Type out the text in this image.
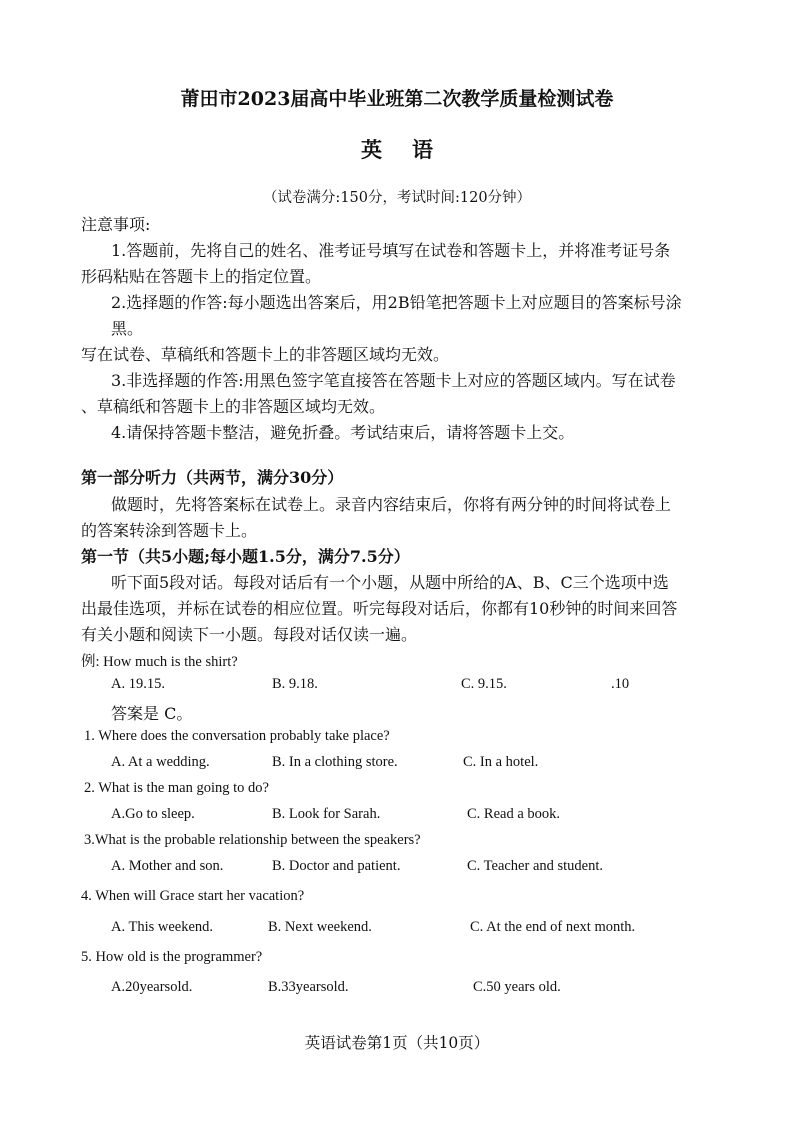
莆田市2023届高中毕业班第二次教学质量检测试卷
英语
（试卷满分:150分，考试时间:120分钟）
注意事项:
1.答题前，先将自己的姓名、准考证号填写在试卷和答题卡上，并将准考证号条
形码粘贴在答题卡上的指定位置。
2.选择题的作答:每小题选出答案后，用2B铅笔把答题卡上对应题目的答案标号涂
黑。
写在试卷、草稿纸和答题卡上的非答题区域均无效。
3.非选择题的作答:用黑色签字笔直接答在答题卡上对应的答题区域内。写在试卷
、草稿纸和答题卡上的非答题区域均无效。
4.请保持答题卡整洁，避免折叠。考试结束后，请将答题卡上交。
第一部分听力（共两节，满分30分）
做题时，先将答案标在试卷上。录音内容结束后，你将有两分钟的时间将试卷上
的答案转涂到答题卡上。
第一节（共5小题;每小题1.5分，满分7.5分）
听下面5段对话。每段对话后有一个小题，从题中所给的A、B、C三个选项中选
出最佳选项，并标在试卷的相应位置。听完每段对话后，你都有10秒钟的时间来回答
有关小题和阅读下一小题。每段对话仅读一遍。
例: How much is the shirt?
A. 19.15.	B. 9.18.	C. 9.15.	.10
答案是 C。
1. Where does the conversation probably take place?
A. At a wedding.	B. In a clothing store.	C. In a hotel.
2. What is the man going to do?
A.Go to sleep.	B. Look for Sarah.	C. Read a book.
3.What is the probable relationship between the speakers?
A. Mother and son.	B. Doctor and patient.	C. Teacher and student.
4. When will Grace start her vacation?
A. This weekend.	B. Next weekend.	C. At the end of next month.
5. How old is the programmer?
A.20yearsold.	B.33yearsold.	C.50 years old.
英语试卷第1页（共10页）
